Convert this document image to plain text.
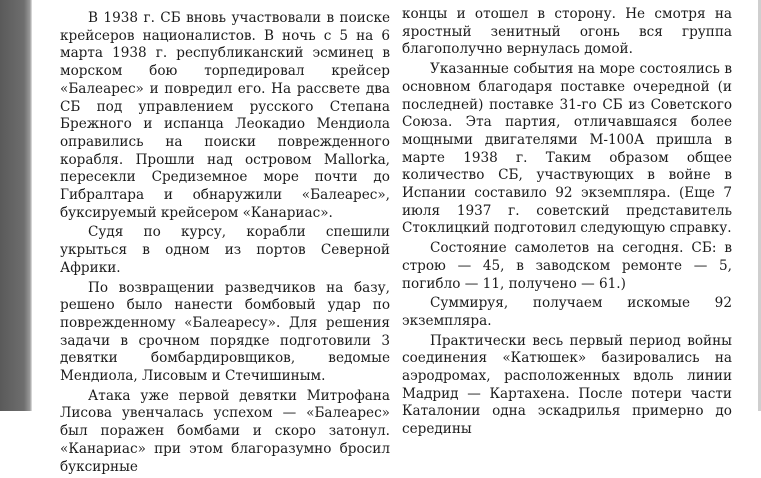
В 1938 г. СБ вновь участвовали в поиске крейсеров националистов. В ночь с 5 на 6 марта 1938 г. республиканский эсминец в морском бою торпедировал крейсер «Балеарес» и повредил его. На рассвете два СБ под управлением русского Степана Брежного и испанца Леокадио Мендиола оправились на поиски поврежденного корабля. Прошли над островом Mallorka, пересекли Средиземное море почти до Гибралтара и обнаружили «Балеарес», буксируемый крейсером «Канариас».

Судя по курсу, корабли спешили укрыться в одном из портов Северной Африки.

По возвращении разведчиков на базу, решено было нанести бомбовый удар по поврежденному «Балеаресу». Для решения задачи в срочном порядке подготовили 3 девятки бомбардировщиков, ведомые Мендиола, Лисовым и Стечишиным.

Атака уже первой девятки Митрофана Лисова увенчалась успехом — «Балеарес» был поражен бомбами и скоро затонул. «Канариас» при этом благоразумно бросил буксирные

концы и отошел в сторону. Не смотря на яростный зенитный огонь вся группа благополучно вернулась домой.

Указанные события на море состоялись в основном благодаря поставке очередной (и последней) поставке 31-го СБ из Советского Союза. Эта партия, отличавшаяся более мощными двигателями М-100А пришла в марте 1938 г. Таким образом общее количество СБ, участвующих в войне в Испании составило 92 экземпляра. (Еще 7 июля 1937 г. советский представитель Стоклицкий подготовил следующую справку.

Состояние самолетов на сегодня. СБ: в строю — 45, в заводском ремонте — 5, погибло — 11, получено — 61.)

Суммируя, получаем искомые 92 экземпляра.

Практически весь первый период войны соединения «Катюшек» базировались на аэродромах, расположенных вдоль линии Мадрид — Картахена. После потери части Каталонии одна эскадрилья примерно до середины
